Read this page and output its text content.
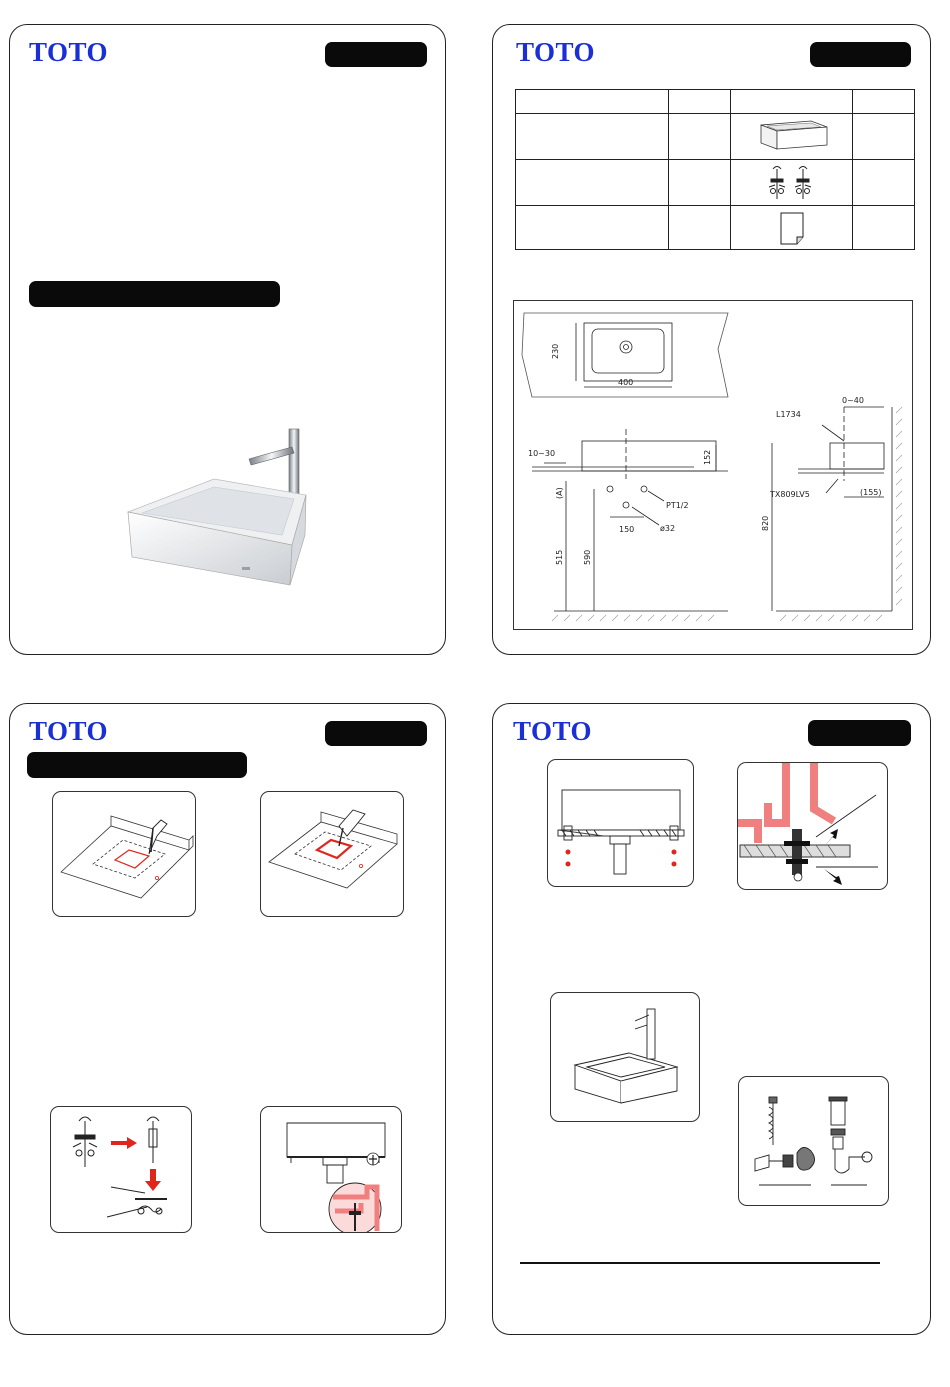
TOTO	TOTO

230
400
10~30	152
(A)
515 590
150
PT1/2
ø32
0~40
L1734
TX809LV5	(155)
820
TOTO	TOTO
